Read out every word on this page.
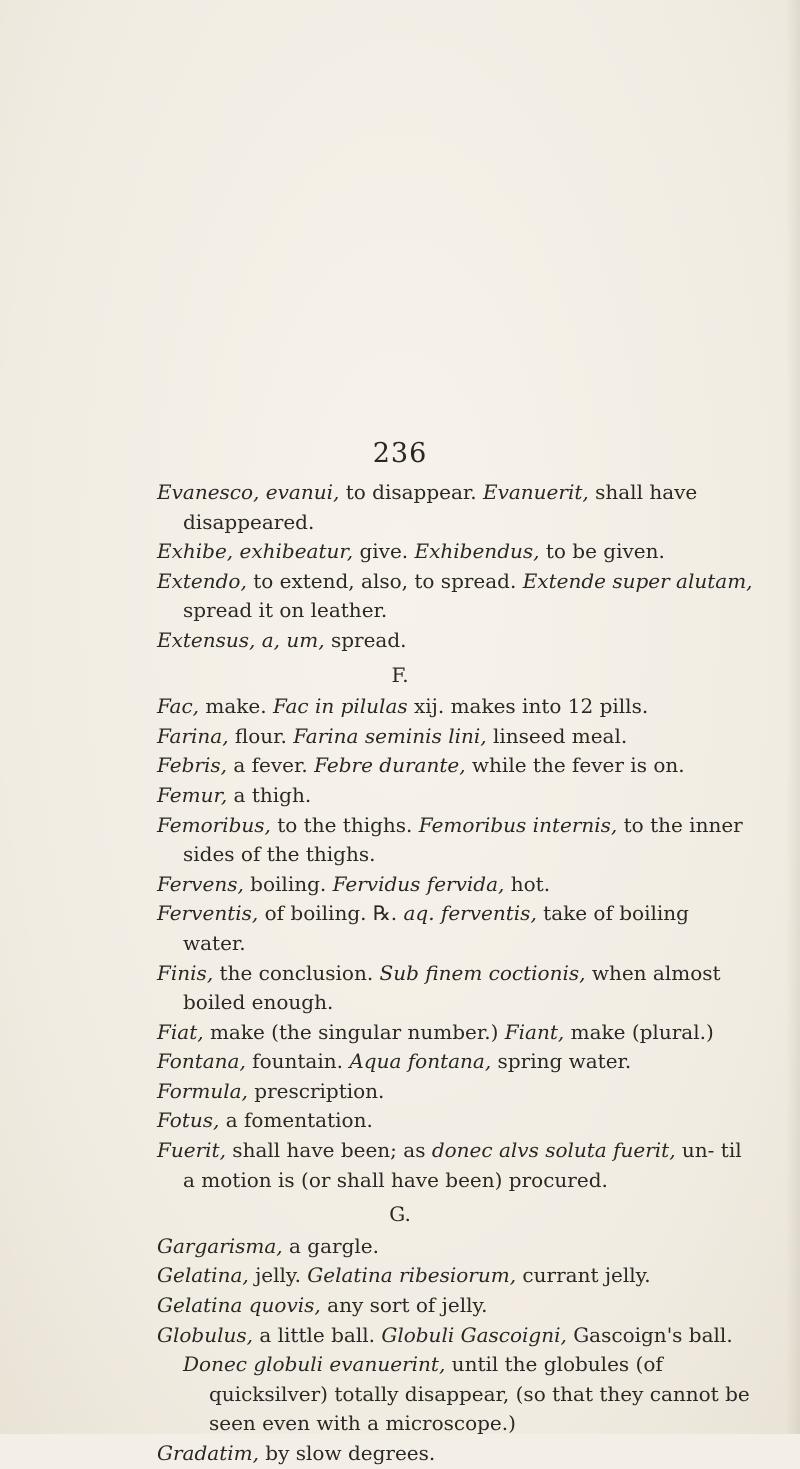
236
Evanesco, evanui, to disappear. Evanuerit, shall have disappeared.
Exhibe, exhibeatur, give. Exhibendus, to be given.
Extendo, to extend, also, to spread. Extende super alutam, spread it on leather.
Extensus, a, um, spread.
F.
Fac, make. Fac in pilulas xij. makes into 12 pills.
Farina, flour. Farina seminis lini, linseed meal.
Febris, a fever. Febre durante, while the fever is on.
Femur, a thigh.
Femoribus, to the thighs. Femoribus internis, to the inner sides of the thighs.
Fervens, boiling. Fervidus fervida, hot.
Ferventis, of boiling. ℞. aq. ferventis, take of boiling water.
Finis, the conclusion. Sub finem coctionis, when almost boiled enough.
Fiat, make (the singular number.) Fiant, make (plural.)
Fontana, fountain. Aqua fontana, spring water.
Formula, prescription.
Fotus, a fomentation.
Fuerit, shall have been; as donec alvs soluta fuerit, un- til a motion is (or shall have been) procured.
G.
Gargarisma, a gargle.
Gelatina, jelly. Gelatina ribesiorum, currant jelly.
Gelatina quovis, any sort of jelly.
Globulus, a little ball. Globuli Gascoigni, Gascoign's ball.
Donec globuli evanuerint, until the globules (of quicksilver) totally disappear, (so that they cannot be seen even with a microscope.)
Gradatim, by slow degrees.
